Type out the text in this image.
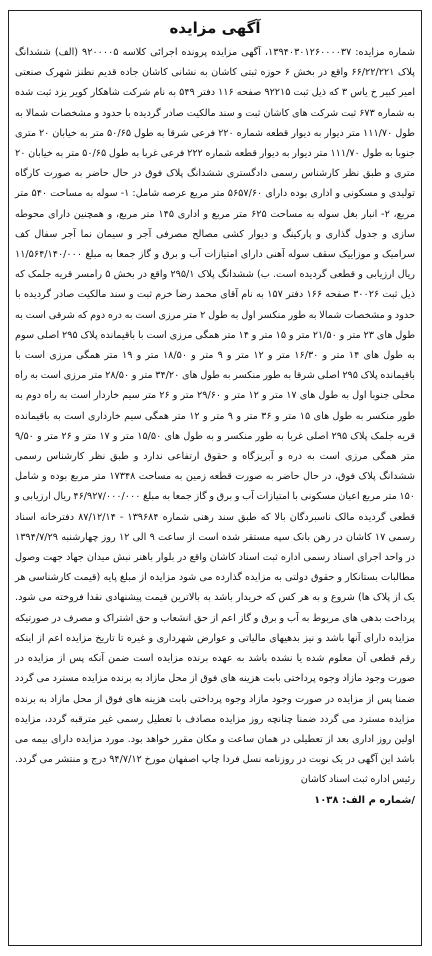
آگهی مزایده

شماره مزایده: ۱۳۹۴۰۳۰۱۲۶۰۰۰۰۳۷، آگهی مزایده پرونده اجرائی کلاسه ۹۲۰۰۰۰۵ (الف) ششدانگ پلاک ۶۶/۲۲/۲۲۱ واقع در بخش ۶ حوزه ثبتی کاشان به نشانی کاشان جاده قدیم نطنز شهرک صنعتی امیر کبیر خ یاس ۳ که ذیل ثبت ۹۲۲۱۵ صفحه ۱۱۶ دفتر ۵۴۹ به نام شرکت شاهکار کویر یزد ثبت شده به شماره ۶۷۳ ثبت شرکت های کاشان ثبت و سند مالکیت صادر گردیده با حدود و مشخصات شمالا به طول ۱۱۱/۷۰ متر دیوار به دیوار قطعه شماره ۲۲۰ فرعی شرقا به طول ۵۰/۶۵ متر به خیابان ۲۰ متری جنوبا به طول ۱۱۱/۷۰ متر دیوار به دیوار قطعه شماره ۲۲۲ فرعی غربا به طول ۵۰/۶۵ متر به خیابان ۲۰ متری و طبق نظر کارشناس رسمی دادگستری ششدانگ پلاک فوق در حال حاضر به صورت کارگاه تولیدی و مسکونی و اداری بوده دارای ۵۶۵۷/۶۰ متر مربع عرصه شامل: ۱- سوله به مساحت ۵۴۰ متر مربع، ۲- انبار بغل سوله به مساحت ۶۲۵ متر مربع و اداری ۱۴۵ متر مربع، و همچنین دارای محوطه سازی و جدول گذاری و پارکینگ و دیوار کشی مصالح مصرفی آجر و سیمان نما آجر سفال کف سرامیک و موزاییک سقف سوله آهنی دارای امتیازات آب و برق و گاز جمعا به مبلغ ۱۱/۵۶۴/۱۴۰/۰۰۰ ریال ارزیابی و قطعی گردیده است. ب) ششدانگ پلاک ۲۹۵/۱ واقع در بخش ۵ رامسر قریه جلمک که ذیل ثبت ۳۰۰۲۶ صفحه ۱۶۶ دفتر ۱۵۷ به نام آقای محمد رضا خرم ثبت و سند مالکیت صادر گردیده با حدود و مشخصات شمالا به طور منکسر اول به طول ۲ متر مرزی است به دره دوم که شرقی است به طول های ۲۳ متر و ۲۱/۵۰ متر و ۱۵ متر و ۱۴ متر همگی مرزی است با باقیمانده پلاک ۲۹۵ اصلی سوم به طول های ۱۴ متر و ۱۶/۳۰ متر و ۱۲ متر و ۹ متر و ۱۸/۵۰ متر و ۱۹ متر همگی مرزی است با باقیمانده پلاک ۲۹۵ اصلی شرقا به طور منکسر به طول های ۳۴/۲۰ متر و ۲۸/۵۰ متر مرزی است به راه محلی جنوبا اول به طول های ۱۷ متر و ۱۲ متر و ۲۹/۶۰ متر و ۲۶ متر سیم خاردار است به راه دوم به طور منکسر به طول های ۱۵ متر و ۳۶ متر و ۹ متر و ۱۲ متر همگی سیم خارداری است به باقیمانده قریه جلمک پلاک ۲۹۵ اصلی غربا به طور منکسر و به طول های ۱۵/۵۰ متر و ۱۷ متر و ۲۶ متر و ۹/۵۰ متر همگی مرزی است به دره و آبریزگاه و حقوق ارتفاعی ندارد و طبق نظر کارشناس رسمی ششدانگ پلاک فوق، در حال حاضر به صورت قطعه زمین به مساحت ۱۷۳۴۸ متر مربع بوده و شامل ۱۵۰ متر مربع اعیان مسکونی با امتیازات آب و برق و گاز جمعا به مبلغ ۴۶/۹۲۷/۰۰۰/۰۰۰ ریال ارزیابی و قطعی گردیده مالک ناسبردگان بالا که طبق سند رهنی شماره ۱۳۹۶۸۴ - ۸۷/۱۲/۱۴ دفترخانه اسناد رسمی ۱۷ کاشان در رهن بانک سپه مستقر شده است از ساعت ۹ الی ۱۲ روز چهارشنبه ۱۳۹۴/۷/۲۹ در واحد اجرای اسناد رسمی اداره ثبت اسناد کاشان واقع در بلوار باهنر نبش میدان جهاد جهت وصول مطالبات بستانکار و حقوق دولتی به مزایده گذارده می شود مزایده از مبلغ پایه (قیمت کارشناسی هر یک از پلاک ها) شروع و به هر کس که خریدار باشد به بالاترین قیمت پیشنهادی نقدا فروخته می شود. پرداخت بدهی های مربوط به آب و برق و گاز اعم از حق انشعاب و حق اشتراک و مصرف در صورتیکه مزایده دارای آنها باشد و نیز بدهیهای مالیاتی و عوارض شهرداری و غیره تا تاریخ مزایده اعم از اینکه رقم قطعی آن معلوم شده یا نشده باشد به عهده برنده مزایده است ضمن آنکه پس از مزایده در صورت وجود مازاد وجوه پرداختی بابت هزینه های فوق از محل مازاد به برنده مزایده مسترد می گردد ضمنا پس از مزایده در صورت وجود مازاد وجوه پرداختی بابت هزینه های فوق از محل مازاد به برنده مزایده مسترد می گردد ضمنا چنانچه روز مزایده مصادف با تعطیل رسمی غیر مترقبه گردد، مزایده اولین روز اداری بعد از تعطیلی در همان ساعت و مکان مقرر خواهد بود. مورد مزایده دارای بیمه می باشد این آگهی در یک نوبت در روزنامه نسل فردا چاپ اصفهان مورخ ۹۴/۷/۱۲ درج و منتشر می گردد. رئیس اداره ثبت اسناد کاشان

/شماره م الف: ۱۰۳۸
